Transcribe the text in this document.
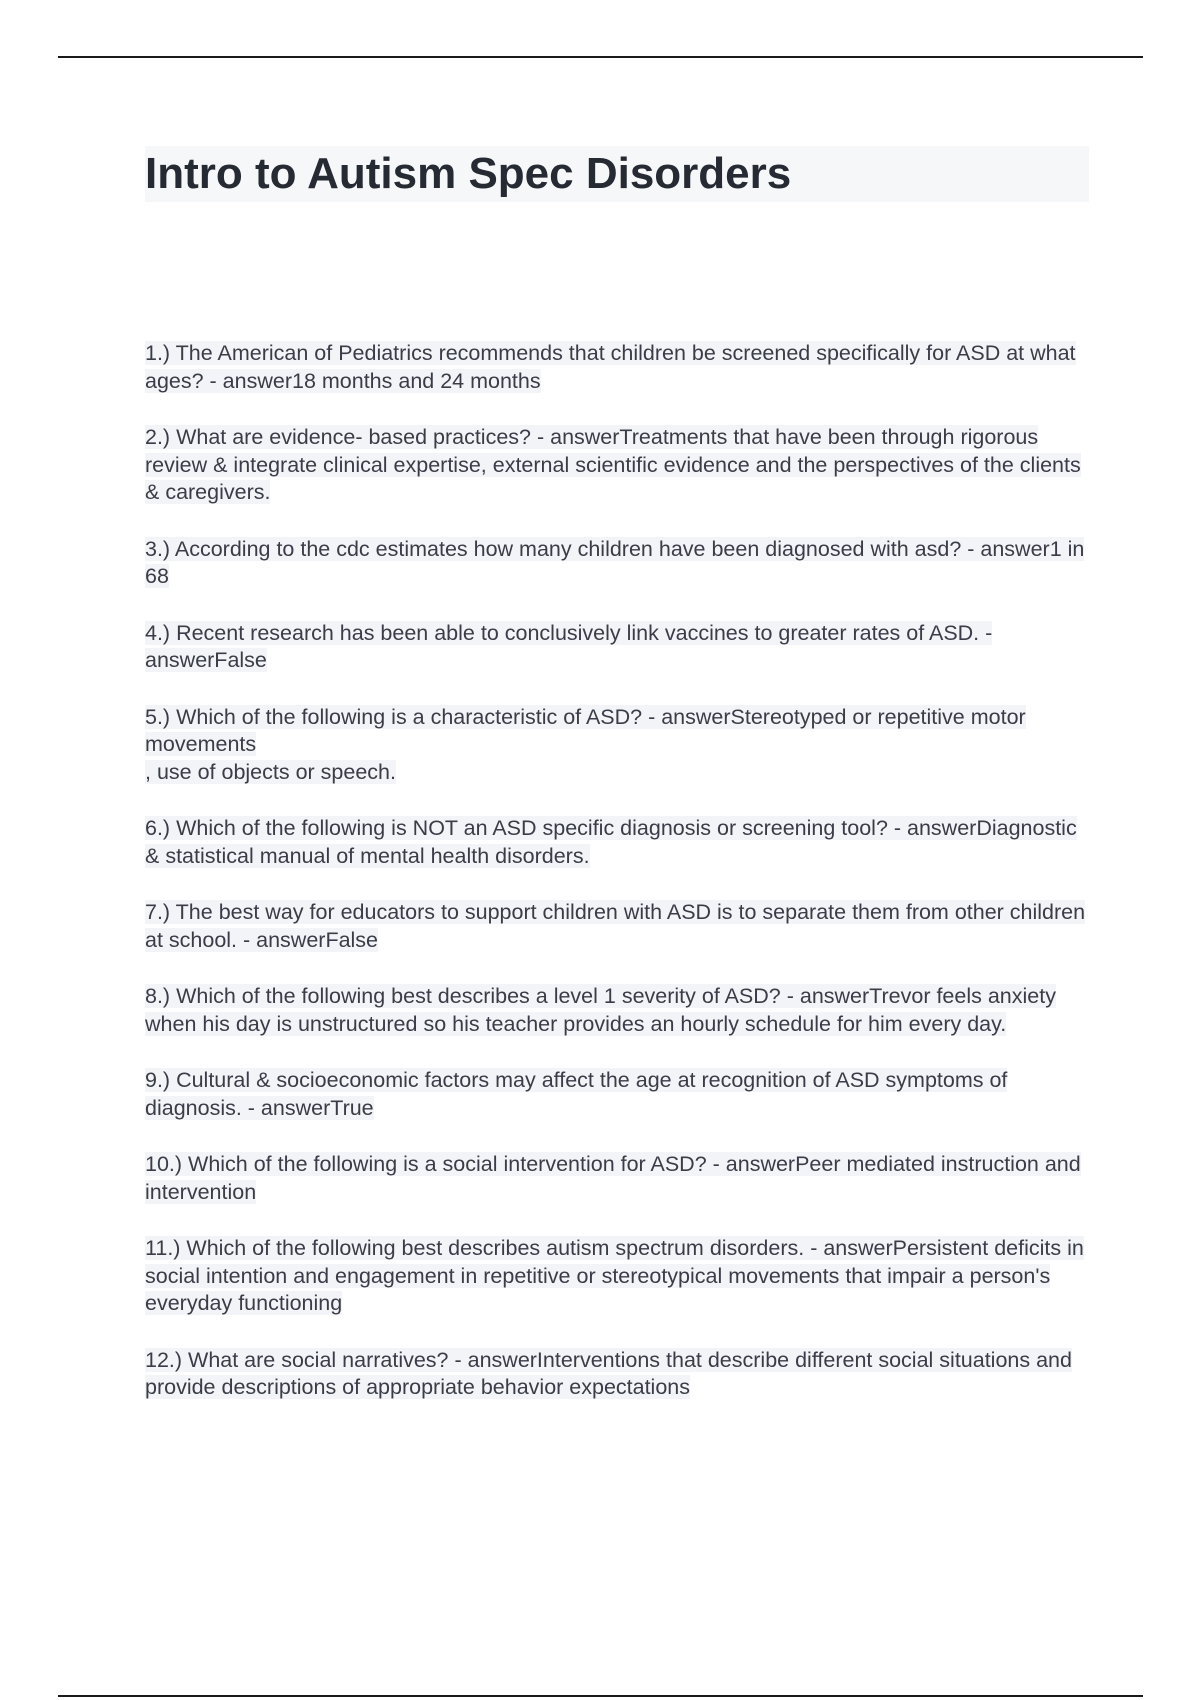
Intro to Autism Spec Disorders
1.) The American of Pediatrics recommends that children be screened specifically for ASD at what ages? - answer18 months and 24 months
2.) What are evidence- based practices? - answerTreatments that have been through rigorous review & integrate clinical expertise, external scientific evidence and the perspectives of the clients & caregivers.
3.) According to the cdc estimates how many children have been diagnosed with asd? - answer1 in 68
4.) Recent research has been able to conclusively link vaccines to greater rates of ASD. - answerFalse
5.) Which of the following is a characteristic of ASD? - answerStereotyped or repetitive motor movements
, use of objects or speech.
6.) Which of the following is NOT an ASD specific diagnosis or screening tool? - answerDiagnostic & statistical manual of mental health disorders.
7.) The best way for educators to support children with ASD is to separate them from other children at school. - answerFalse
8.) Which of the following best describes a level 1 severity of ASD? - answerTrevor feels anxiety when his day is unstructured so his teacher provides an hourly schedule for him every day.
9.) Cultural & socioeconomic factors may affect the age at recognition of ASD symptoms of diagnosis. - answerTrue
10.) Which of the following is a social intervention for ASD? - answerPeer mediated instruction and intervention
11.) Which of the following best describes autism spectrum disorders. - answerPersistent deficits in social intention and engagement in repetitive or stereotypical movements that impair a person's everyday functioning
12.) What are social narratives? - answerInterventions that describe different social situations and provide descriptions of appropriate behavior expectations
